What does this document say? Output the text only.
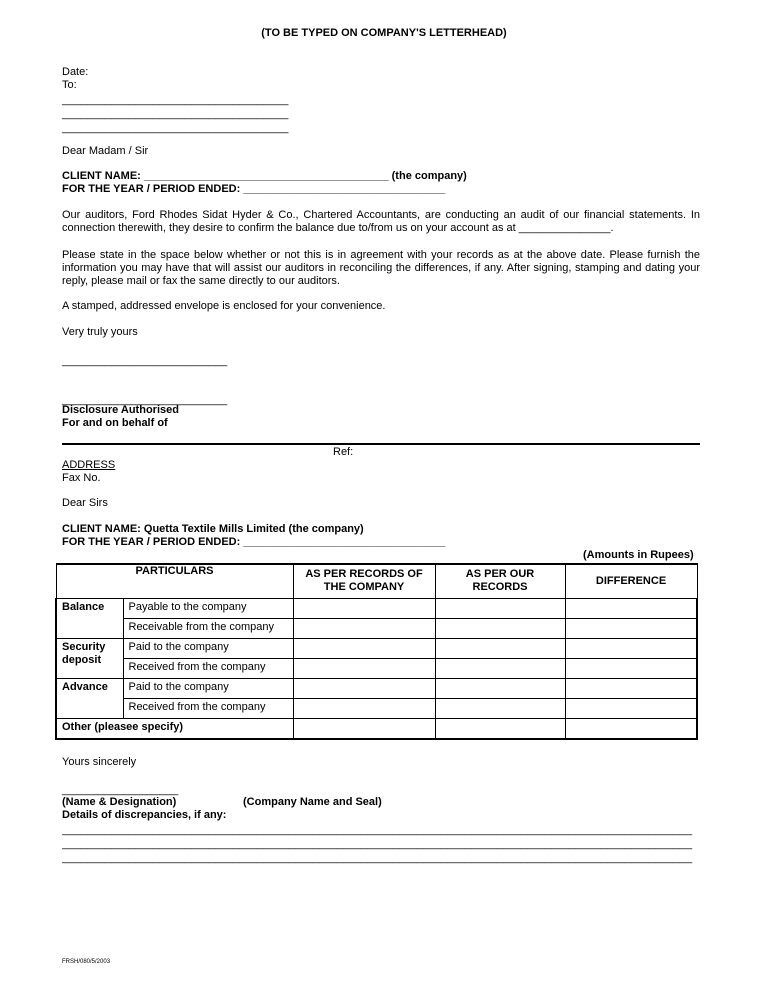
(TO BE TYPED ON COMPANY'S LETTERHEAD)
Date:
To:
_____________________________________
_____________________________________
_____________________________________
Dear Madam / Sir
CLIENT NAME: ________________________________________ (the company)
FOR THE YEAR / PERIOD ENDED: _________________________________
Our auditors, Ford Rhodes Sidat Hyder & Co., Chartered Accountants, are conducting an audit of our financial statements. In connection therewith, they desire to confirm the balance due to/from us on your account as at _______________.
Please state in the space below whether or not this is in agreement with your records as at the above date. Please furnish the information you may have that will assist our auditors in reconciling the differences, if any. After signing, stamping and dating your reply, please mail or fax the same directly to our auditors.
A stamped, addressed envelope is enclosed for your convenience.
Very truly yours
___________________________
___________________________
Disclosure Authorised
For and on behalf of
Ref:
ADDRESS
Fax No.
Dear Sirs
CLIENT NAME: Quetta Textile Mills Limited (the company)
FOR THE YEAR / PERIOD ENDED: _________________________________
(Amounts in Rupees)
PARTICULARS		AS PER RECORDS OF THE COMPANY	AS PER OUR RECORDS	DIFFERENCE
Balance	Payable to the company			
	Receivable from the company			
Security deposit	Paid to the company			
	Received from the company			
Advance	Paid to the company			
	Received from the company			
Other (pleasee specify)				
Yours sincerely
___________________
(Name & Designation)	(Company Name and Seal)
Details of discrepancies, if any:
_______________________________________________________________________________________________________
_______________________________________________________________________________________________________
_______________________________________________________________________________________________________
FRSH/080/5/2003
